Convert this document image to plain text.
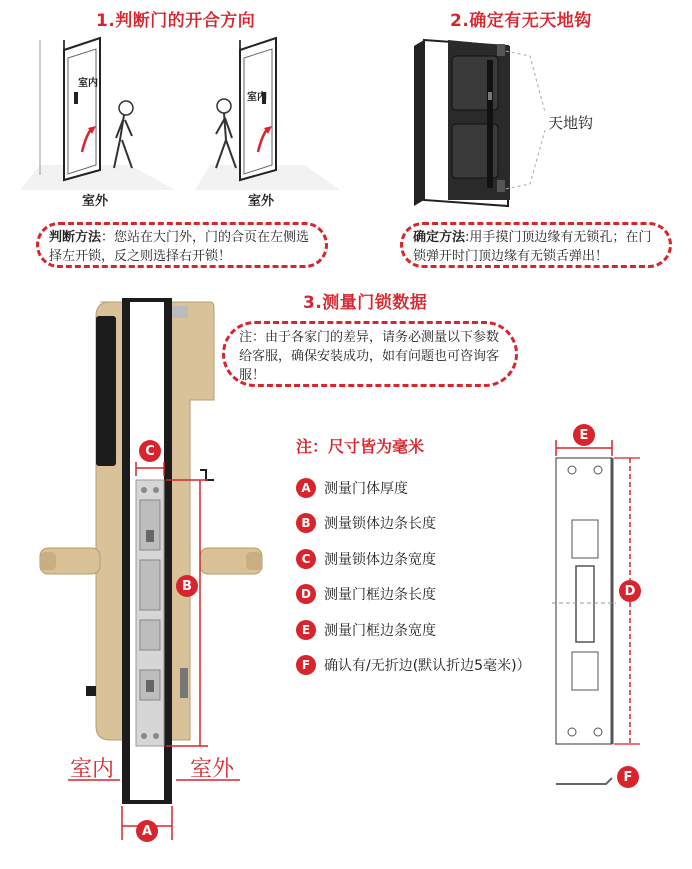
1.判断门的开合方向	2.确定有无天地钩
3.测量门锁数据
室内
室内
室外	室外
天地钩
判断方法：您站在大门外，门的合页在左侧选择左开锁，反之则选择右开锁！
确定方法:用手摸门顶边缘有无锁孔；在门锁弹开时门顶边缘有无锁舌弹出！
注：由于各家门的差异，请务必测量以下参数给客服，确保安装成功，如有问题也可咨询客服！
注：尺寸皆为毫米
A 测量门体厚度
B 测量锁体边条长度
C 测量锁体边条宽度
D 测量门框边条长度
E 测量门框边条宽度
F 确认有/无折边(默认折边5毫米)）
C
B
A
E
D
F
室内	室外
